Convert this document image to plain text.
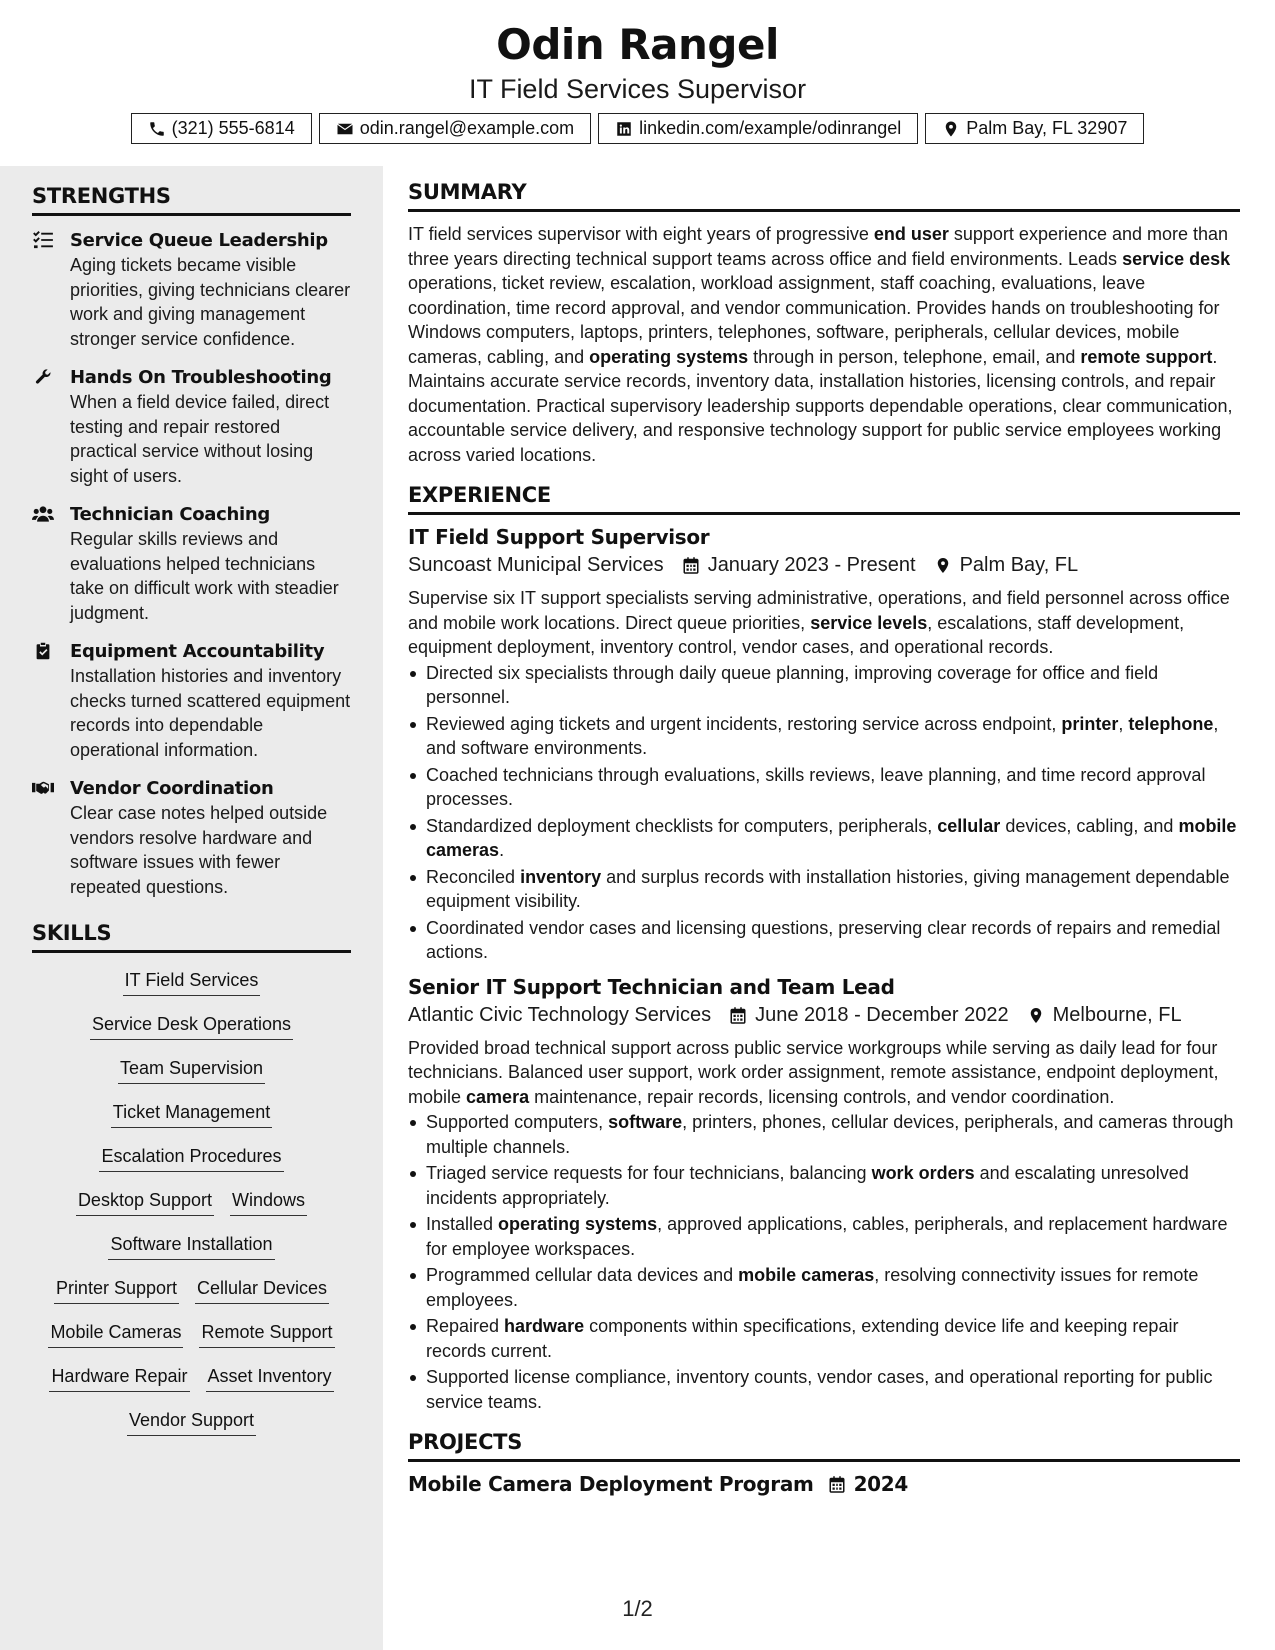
Odin Rangel
IT Field Services Supervisor
(321) 555-6814	odin.rangel@example.com	linkedin.com/example/odinrangel	Palm Bay, FL 32907
STRENGTHS
Service Queue Leadership
Aging tickets became visible priorities, giving technicians clearer work and giving management stronger service confidence.
Hands On Troubleshooting
When a field device failed, direct testing and repair restored practical service without losing sight of users.
Technician Coaching
Regular skills reviews and evaluations helped technicians take on difficult work with steadier judgment.
Equipment Accountability
Installation histories and inventory checks turned scattered equipment records into dependable operational information.
Vendor Coordination
Clear case notes helped outside vendors resolve hardware and software issues with fewer repeated questions.
SKILLS
IT Field Services
Service Desk Operations
Team Supervision
Ticket Management
Escalation Procedures
Desktop Support Windows
Software Installation
Printer Support Cellular Devices
Mobile Cameras Remote Support
Hardware Repair Asset Inventory
Vendor Support
SUMMARY
IT field services supervisor with eight years of progressive end user support experience and more than three years directing technical support teams across office and field environments. Leads service desk operations, ticket review, escalation, workload assignment, staff coaching, evaluations, leave coordination, time record approval, and vendor communication. Provides hands on troubleshooting for Windows computers, laptops, printers, telephones, software, peripherals, cellular devices, mobile cameras, cabling, and operating systems through in person, telephone, email, and remote support. Maintains accurate service records, inventory data, installation histories, licensing controls, and repair documentation. Practical supervisory leadership supports dependable operations, clear communication, accountable service delivery, and responsive technology support for public service employees working across varied locations.
EXPERIENCE
IT Field Support Supervisor
Suncoast Municipal Services January 2023 - Present Palm Bay, FL
Supervise six IT support specialists serving administrative, operations, and field personnel across office and mobile work locations. Direct queue priorities, service levels, escalations, staff development, equipment deployment, inventory control, vendor cases, and operational records.
Directed six specialists through daily queue planning, improving coverage for office and field personnel.
Reviewed aging tickets and urgent incidents, restoring service across endpoint, printer, telephone, and software environments.
Coached technicians through evaluations, skills reviews, leave planning, and time record approval processes.
Standardized deployment checklists for computers, peripherals, cellular devices, cabling, and mobile cameras.
Reconciled inventory and surplus records with installation histories, giving management dependable equipment visibility.
Coordinated vendor cases and licensing questions, preserving clear records of repairs and remedial actions.
Senior IT Support Technician and Team Lead
Atlantic Civic Technology Services June 2018 - December 2022 Melbourne, FL
Provided broad technical support across public service workgroups while serving as daily lead for four technicians. Balanced user support, work order assignment, remote assistance, endpoint deployment, mobile camera maintenance, repair records, licensing controls, and vendor coordination.
Supported computers, software, printers, phones, cellular devices, peripherals, and cameras through multiple channels.
Triaged service requests for four technicians, balancing work orders and escalating unresolved incidents appropriately.
Installed operating systems, approved applications, cables, peripherals, and replacement hardware for employee workspaces.
Programmed cellular data devices and mobile cameras, resolving connectivity issues for remote employees.
Repaired hardware components within specifications, extending device life and keeping repair records current.
Supported license compliance, inventory counts, vendor cases, and operational reporting for public service teams.
PROJECTS
Mobile Camera Deployment Program 2024
1/2
